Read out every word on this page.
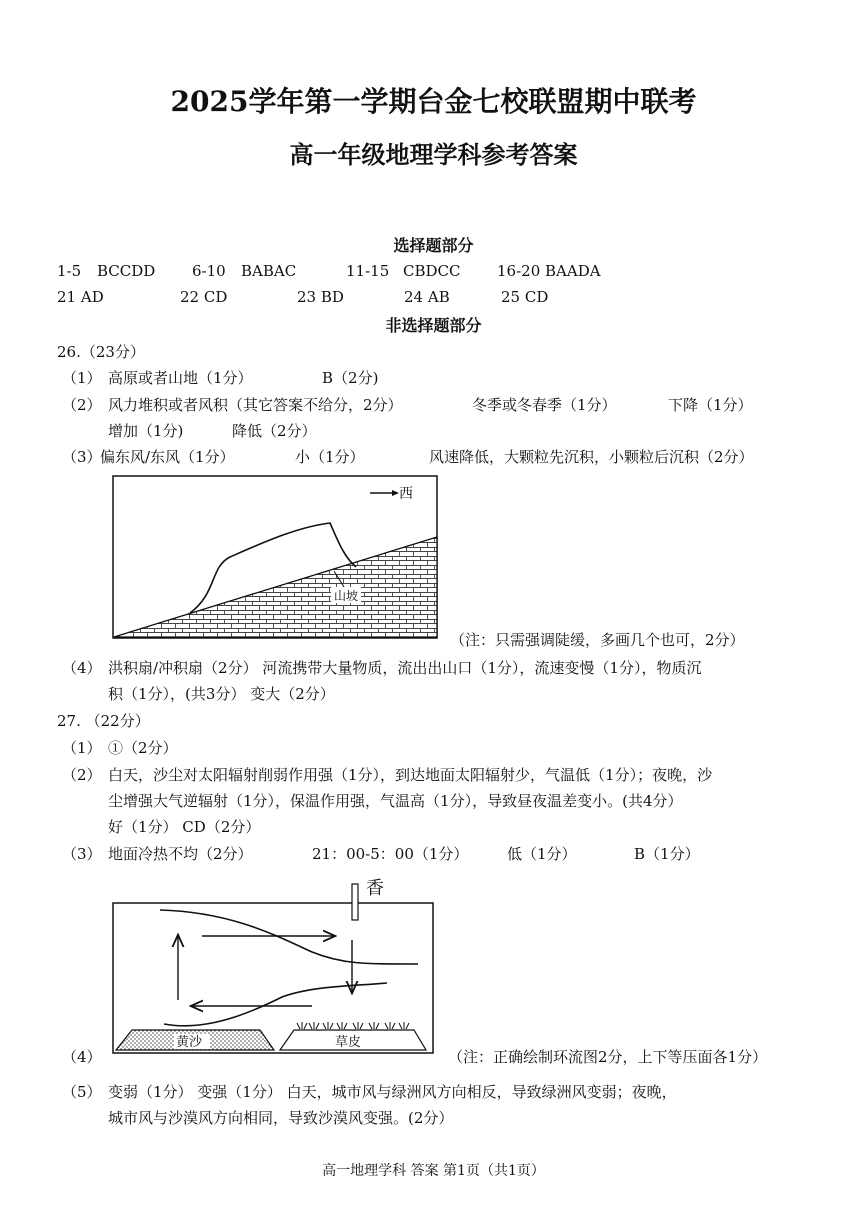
2025学年第一学期台金七校联盟期中联考
高一年级地理学科参考答案
选择题部分
1-5 BCCDD 6-10 BABAC	11-15 CBDCC 16-20 BAADA
21 AD	22 CD	23 BD	24 AB	25 CD
非选择题部分
26.（23分）
（1） 高原或者山地（1分）	B（2分)
（2） 风力堆积或者风积（其它答案不给分，2分）	冬季或冬春季（1分）	下降（1分）
增加（1分)	降低（2分）
（3）
偏东风/东风（1分）	小（1分）	风速降低，大颗粒先沉积，小颗粒后沉积（2分）
西
山坡
（注：只需强调陡缓，多画几个也可，2分）
（4） 洪积扇/冲积扇（2分） 河流携带大量物质，流出出山口（1分），流速变慢（1分），物质沉
积（1分），(共3分） 变大（2分）
27. （22分）
（1） ①（2分）
（2） 白天，沙尘对太阳辐射削弱作用强（1分），到达地面太阳辐射少，气温低（1分）；夜晚，沙
尘增强大气逆辐射（1分），保温作用强，气温高（1分），导致昼夜温差变小。(共4分）
好（1分） CD（2分）
（3） 地面冷热不均（2分）	21：00-5：00（1分）	低（1分）	B（1分）
香
黄沙	草皮
（4）	（注：正确绘制环流图2分，上下等压面各1分）
（5） 变弱（1分） 变强（1分） 白天，城市风与绿洲风方向相反，导致绿洲风变弱；夜晚，
城市风与沙漠风方向相同，导致沙漠风变强。(2分）
高一地理学科 答案 第1页（共1页）
